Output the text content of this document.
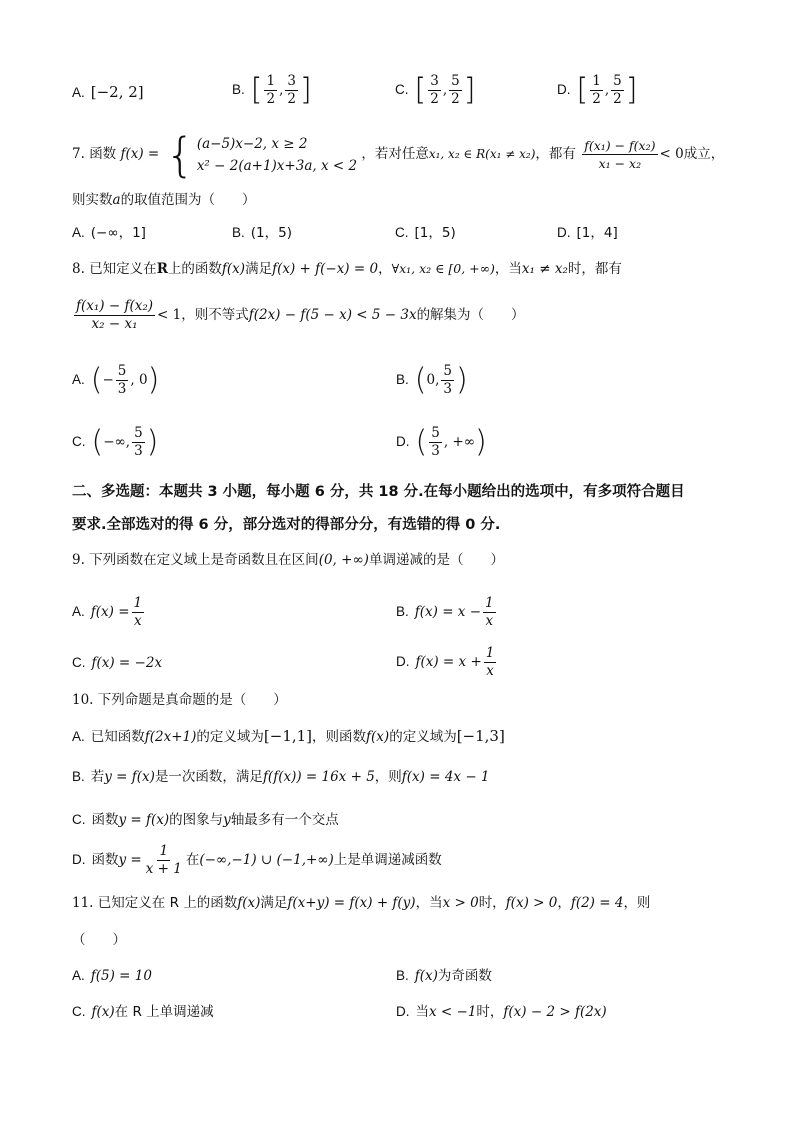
A. [−2, 2]	B. [ $\frac{1}{2}$ , $\frac{3}{2}$ ]	C. [ $\frac{3}{2}$ , $\frac{5}{2}$ ]	D. [ $\frac{1}{2}$ , $\frac{5}{2}$ ]
7. 函数 f(x) = { (a−5)x−2, x ≥ 2
x² − 2(a+1)x+3a, x < 2
，若对任意x₁, x₂ ∈ R(x₁ ≠ x₂)，都有 $\frac{\text{f(x₁) − f(x₂)}}{\text{x₁ − x₂}} < 0$成立，
则实数a的取值范围为（　　）
A. (−∞，1]	B. (1，5)	C. [1，5)	D. [1，4]
8. 已知定义在R上的函数f(x)满足f(x) + f(−x) = 0，∀x₁, x₂ ∈ [0, +∞)，当x₁ ≠ x₂时，都有
$\frac{\text{f(x₁) − f(x₂)}}{\text{x₂ − x₁}} < 1$，则不等式f(2x) − f(5 − x) < 5 − 3x的解集为（　　）
A. (− $\frac{5}{3}$ , 0)	B. (0, $\frac{5}{3}$ )
C. (−∞, $\frac{5}{3}$ )	D. ( $\frac{5}{3}$ , +∞)
二、多选题：本题共 3 小题，每小题 6 分，共 18 分.在每小题给出的选项中，有多项符合题目
要求.全部选对的得 6 分，部分选对的得部分分，有选错的得 0 分.
9. 下列函数在定义域上是奇函数且在区间(0, +∞)单调递减的是（　　）
A. $f(x) = \frac{1}{x}$	B. $f(x) = x - \frac{1}{x}$
C. f(x) = −2x	D. $f(x) = x + \frac{1}{x}$
10. 下列命题是真命题的是（　　）
A. 已知函数f(2x+1)的定义域为[−1,1]，则函数f(x)的定义域为[−1,3]
B. 若y = f(x)是一次函数，满足f(f(x)) = 16x + 5，则f(x) = 4x − 1
C. 函数y = f(x)的图象与y轴最多有一个交点
D. 函数$y = \frac{1}{x + 1}$ 在(−∞,−1) ∪ (−1,+∞)上是单调递减函数
11. 已知定义在 R 上的函数f(x)满足f(x+y) = f(x) + f(y)，当x > 0时，f(x) > 0，f(2) = 4，则
（　　）
A. f(5) = 10	B. f(x)为奇函数
C. f(x)在 R 上单调递减	D. 当x < −1时，f(x) − 2 > f(2x)
